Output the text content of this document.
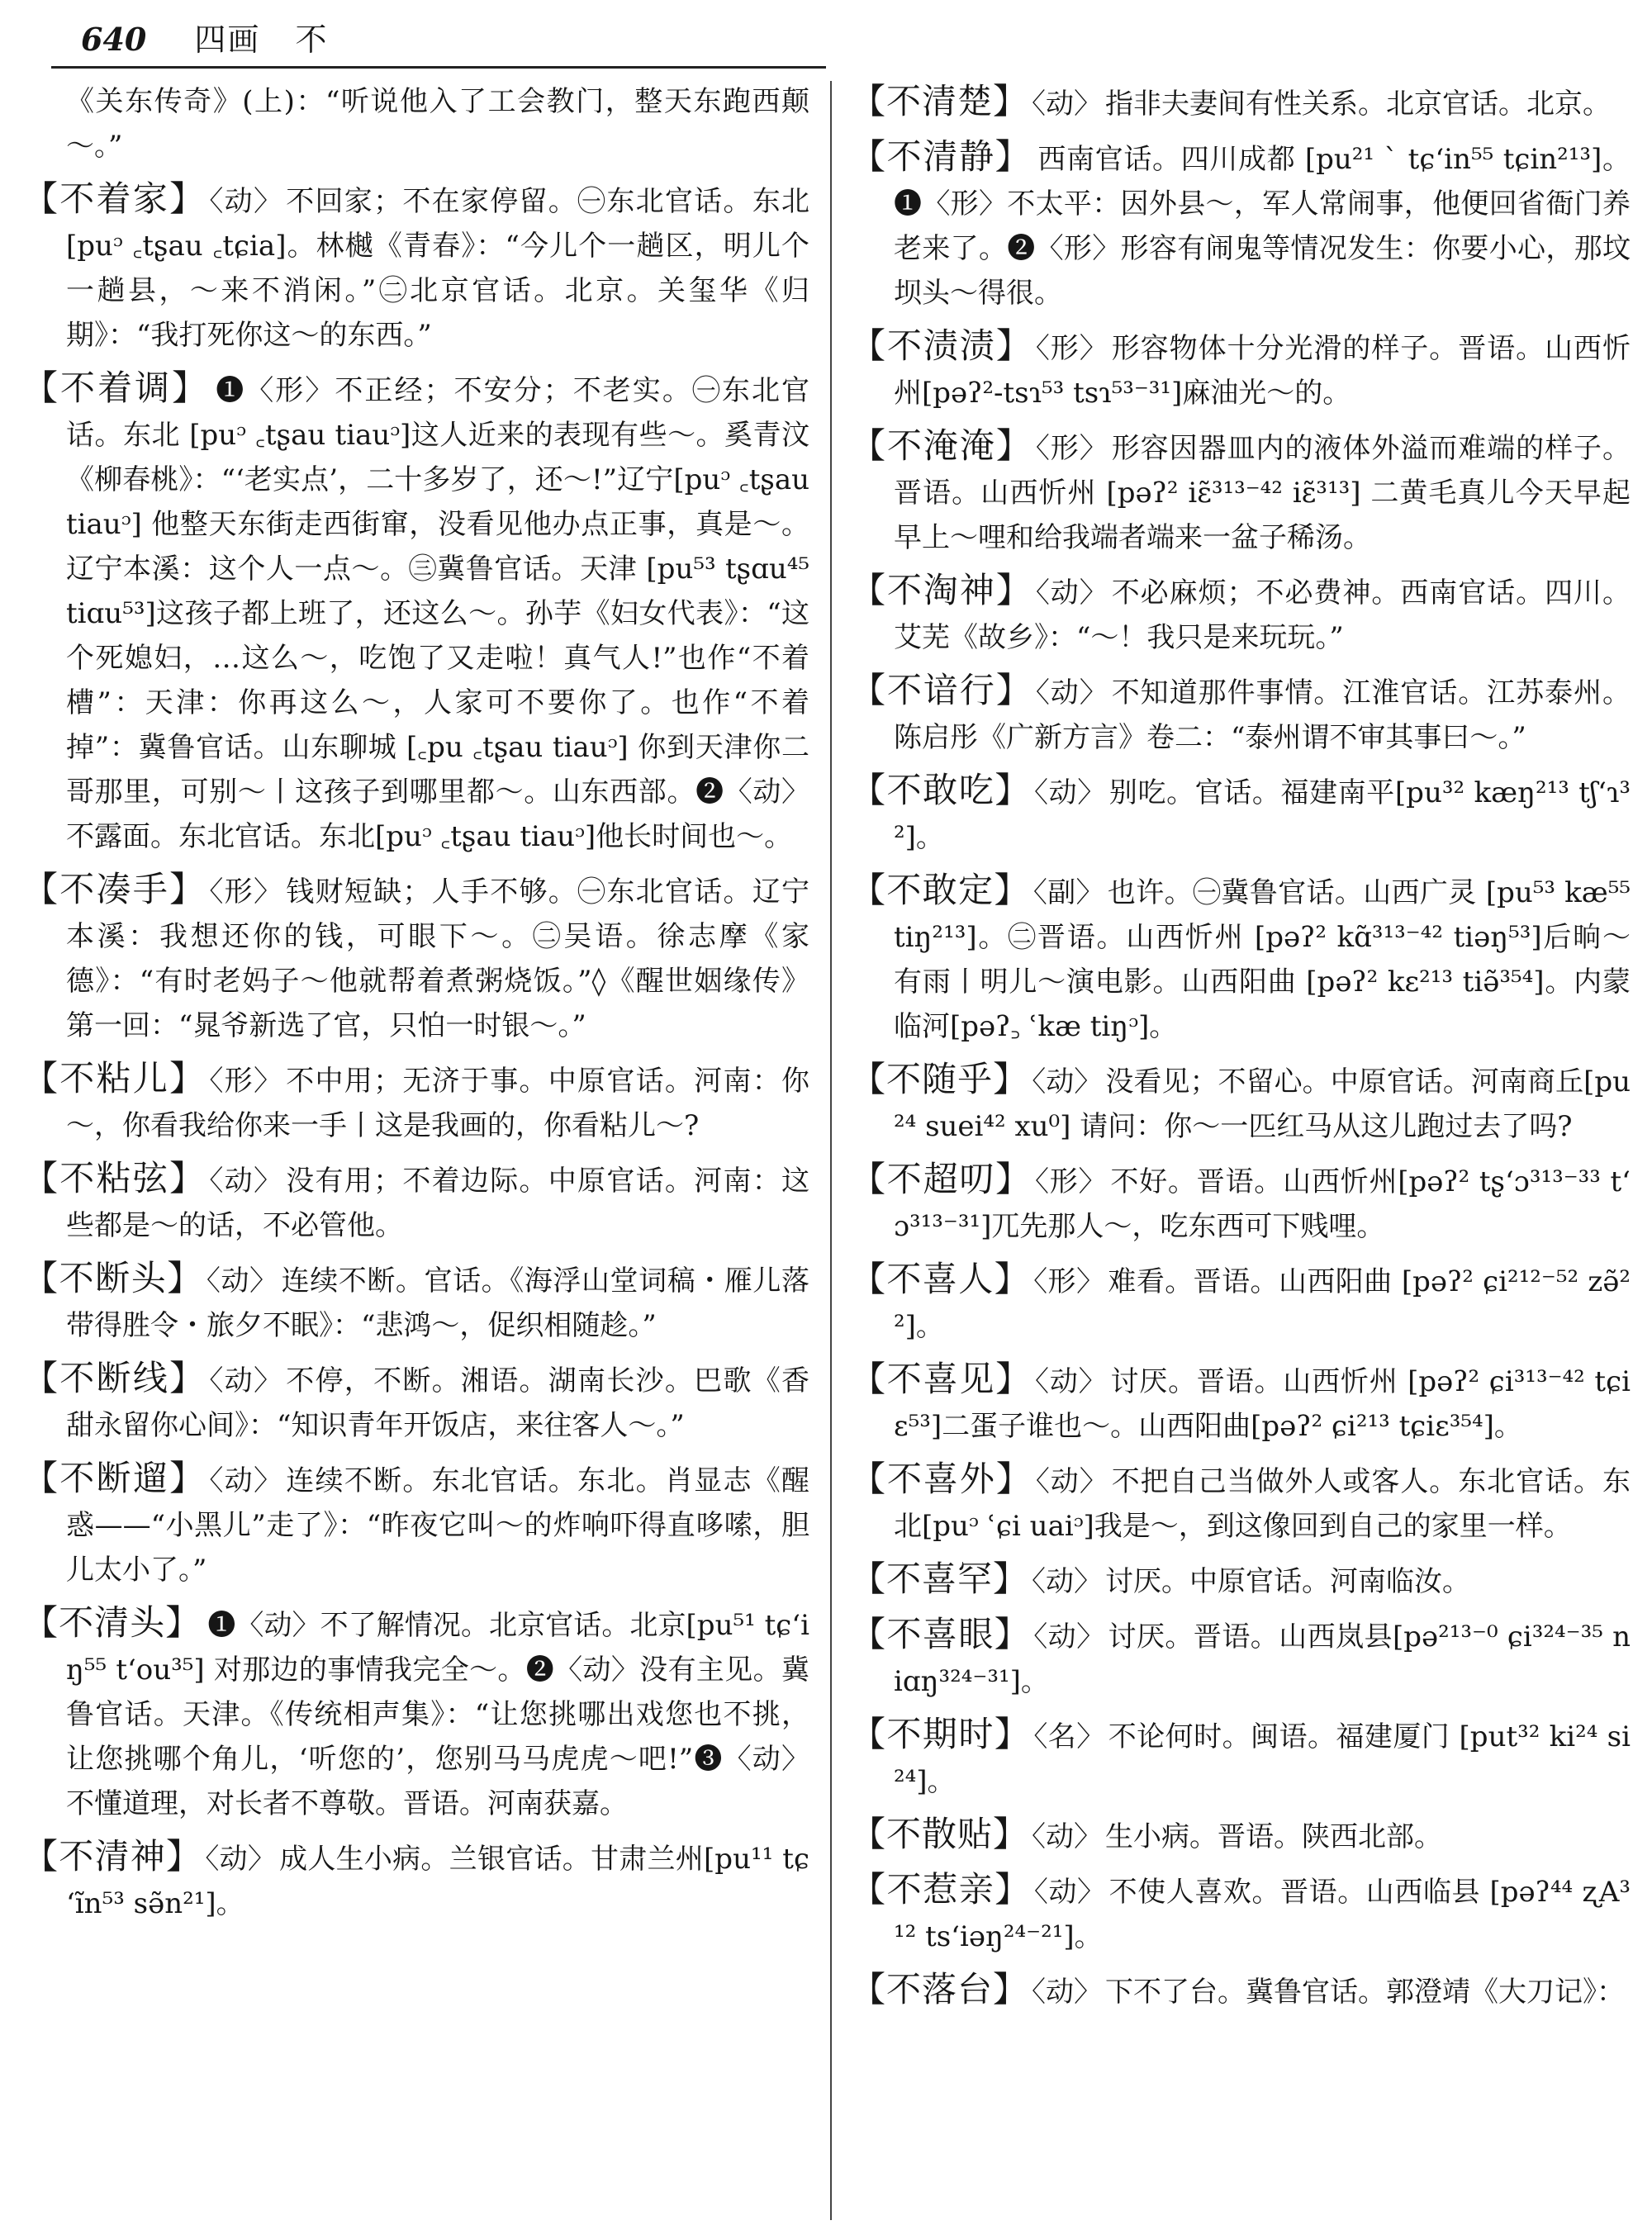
640 四画 不

《关东传奇》(上)：“听说他入了工会教门，整天东跑西颠～。”

【不着家】 〈动〉 不回家；不在家停留。㊀东北官话。东北[puᵓ ꜀tʂau ꜀tɕia]。林樾《青春》：“今儿个一趟区，明儿个一趟县，～来不消闲。”㊁北京官话。北京。关玺华《归期》：“我打死你这～的东西。”

【不着调】 ❶〈形〉不正经；不安分；不老实。㊀东北官话。东北 [puᵓ ꜀tʂau tiauᵓ]这人近来的表现有些～。奚青汶《柳春桃》：“‘老实点’，二十多岁了，还～!”辽宁[puᵓ ꜀tʂau tiauᵓ] 他整天东街走西街窜，没看见他办点正事，真是～。辽宁本溪：这个人一点～。㊂冀鲁官话。天津 [pu⁵³ tʂɑu⁴⁵ tiɑu⁵³]这孩子都上班了，还这么～。孙芋《妇女代表》：“这个死媳妇，…这么～，吃饱了又走啦！真气人!”也作“不着槽”：天津：你再这么～，人家可不要你了。也作“不着掉”：冀鲁官话。山东聊城 [꜀pu ꜀tʂau tiauᵓ] 你到天津你二哥那里，可别～丨这孩子到哪里都～。山东西部。❷〈动〉不露面。东北官话。东北[puᵓ ꜀tʂau tiauᵓ]他长时间也～。

【不凑手】 〈形〉 钱财短缺；人手不够。㊀东北官话。辽宁本溪：我想还你的钱，可眼下～。㊁吴语。徐志摩《家德》：“有时老妈子～他就帮着煮粥烧饭。”◊《醒世姻缘传》第一回：“晁爷新选了官，只怕一时银～。”

【不粘儿】 〈形〉 不中用；无济于事。中原官话。河南：你～，你看我给你来一手丨这是我画的，你看粘儿～?

【不粘弦】 〈动〉 没有用；不着边际。中原官话。河南：这些都是～的话，不必管他。

【不断头】 〈动〉 连续不断。官话。《海浮山堂词稿・雁儿落带得胜令・旅夕不眠》：“悲鸿～，促织相随趁。”

【不断线】 〈动〉 不停，不断。湘语。湖南长沙。巴歌《香甜永留你心间》：“知识青年开饭店，来往客人～。”

【不断遛】 〈动〉 连续不断。东北官话。东北。肖显志《醒惑——“小黑儿”走了》：“昨夜它叫～的炸响吓得直哆嗦，胆儿太小了。”

【不清头】 ❶〈动〉不了解情况。北京官话。北京[pu⁵¹ tɕʻiŋ⁵⁵ tʻou³⁵] 对那边的事情我完全～。❷〈动〉没有主见。冀鲁官话。天津。《传统相声集》：“让您挑哪出戏您也不挑，让您挑哪个角儿，‘听您的’，您别马马虎虎～吧!”❸〈动〉不懂道理，对长者不尊敬。晋语。河南获嘉。

【不清神】 〈动〉 成人生小病。兰银官话。甘肃兰州[pu¹¹ tɕʻĩn⁵³ sə̃n²¹]。

【不清楚】 〈动〉 指非夫妻间有性关系。北京官话。北京。

【不清静】 西南官话。四川成都 [pu²¹ ˋ tɕʻin⁵⁵ tɕin²¹³]。❶〈形〉不太平：因外县～，军人常闹事，他便回省衙门养老来了。❷〈形〉形容有闹鬼等情况发生：你要小心，那坟坝头～得很。

【不渍渍】 〈形〉 形容物体十分光滑的样子。晋语。山西忻州[pəʔ²-tsɿ⁵³ tsɿ⁵³⁻³¹]麻油光～的。

【不淹淹】 〈形〉 形容因器皿内的液体外溢而难端的样子。晋语。山西忻州 [pəʔ² iɛ̃³¹³⁻⁴² iɛ̃³¹³] 二黄毛真儿今天早起早上～哩和给我端者端来一盆子稀汤。

【不淘神】 〈动〉 不必麻烦；不必费神。西南官话。四川。艾芜《故乡》：“～！我只是来玩玩。”

【不谙行】 〈动〉 不知道那件事情。江淮官话。江苏泰州。陈启彤《广新方言》卷二：“泰州谓不审其事曰～。”

【不敢吃】 〈动〉 别吃。官话。福建南平[pu³² kæŋ²¹³ tʃʻɿ³²]。

【不敢定】 〈副〉 也许。㊀冀鲁官话。山西广灵 [pu⁵³ kæ⁵⁵ tiŋ²¹³]。㊁晋语。山西忻州 [pəʔ² kɑ̃³¹³⁻⁴² tiəŋ⁵³]后晌～有雨丨明儿～演电影。山西阳曲 [pəʔ² kɛ²¹³ tiə̃³⁵⁴]。内蒙临河[pəʔ꜆ ʿkæ tiŋᵓ]。

【不随乎】 〈动〉 没看见；不留心。中原官话。河南商丘[pu²⁴ suei⁴² xu⁰] 请问：你～一匹红马从这儿跑过去了吗?

【不超叨】 〈形〉 不好。晋语。山西忻州[pəʔ² tʂʻɔ³¹³⁻³³ tʻɔ³¹³⁻³¹]兀先那人～，吃东西可下贱哩。

【不喜人】 〈形〉 难看。晋语。山西阳曲 [pəʔ² ɕi²¹²⁻⁵² zə̃²²]。

【不喜见】 〈动〉 讨厌。晋语。山西忻州 [pəʔ² ɕi³¹³⁻⁴² tɕiɛ⁵³]二蛋子谁也～。山西阳曲[pəʔ² ɕi²¹³ tɕiɛ³⁵⁴]。

【不喜外】 〈动〉 不把自己当做外人或客人。东北官话。东北[puᵓ ʿɕi uaiᵓ]我是～，到这像回到自己的家里一样。

【不喜罕】 〈动〉 讨厌。中原官话。河南临汝。

【不喜眼】 〈动〉 讨厌。晋语。山西岚县[pə²¹³⁻⁰ ɕi³²⁴⁻³⁵ niɑŋ³²⁴⁻³¹]。

【不期时】 〈名〉 不论何时。闽语。福建厦门 [put³² ki²⁴ si²⁴]。

【不散贴】 〈动〉 生小病。晋语。陕西北部。

【不惹亲】 〈动〉 不使人喜欢。晋语。山西临县 [pəʔ⁴⁴ ʐA³¹² tsʻiəŋ²⁴⁻²¹]。

【不落台】 〈动〉 下不了台。冀鲁官话。郭澄靖《大刀记》：
